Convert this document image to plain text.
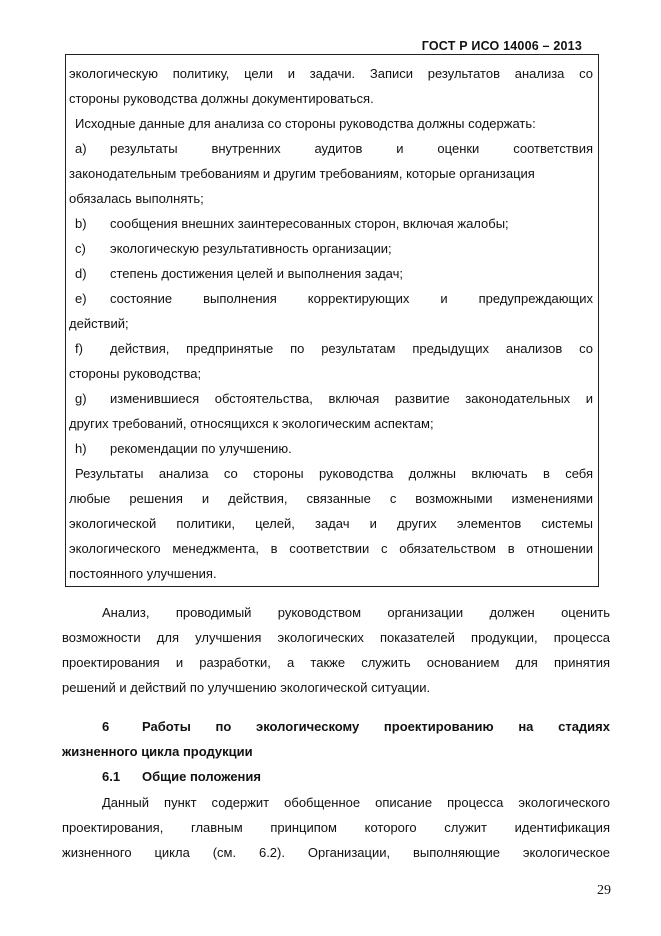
ГОСТ Р ИСО 14006 – 2013
экологическую политику, цели и задачи. Записи результатов анализа со
стороны руководства должны документироваться.
Исходные данные для анализа со стороны руководства должны содержать:
a) результаты внутренних аудитов и оценки соответствия
законодательным требованиям и другим требованиям, которые организация
обязалась выполнять;
b) сообщения внешних заинтересованных сторон, включая жалобы;
c) экологическую результативность организации;
d) степень достижения целей и выполнения задач;
e) состояние выполнения корректирующих и предупреждающих
действий;
f) действия, предпринятые по результатам предыдущих анализов со
стороны руководства;
g) изменившиеся обстоятельства, включая развитие законодательных и
других требований, относящихся к экологическим аспектам;
h) рекомендации по улучшению.
Результаты анализа со стороны руководства должны включать в себя
любые решения и действия, связанные с возможными изменениями
экологической политики, целей, задач и других элементов системы
экологического менеджмента, в соответствии с обязательством в отношении
постоянного улучшения.
Анализ, проводимый руководством организации должен оценить
возможности для улучшения экологических показателей продукции, процесса
проектирования и разработки, а также служить основанием для принятия
решений и действий по улучшению экологической ситуации.
6	Работы по экологическому проектированию на стадиях
жизненного цикла продукции
6.1 Общие положения
Данный пункт содержит обобщенное описание процесса экологического
проектирования, главным принципом которого служит идентификация
жизненного цикла (см. 6.2). Организации, выполняющие экологическое
29
